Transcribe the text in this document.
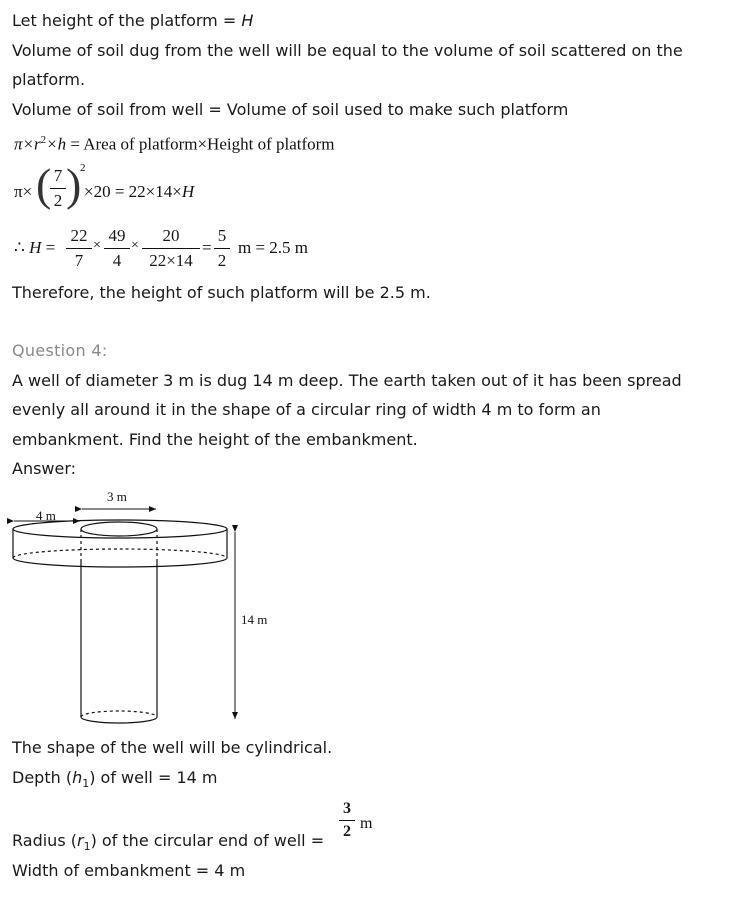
Let height of the platform = H
Volume of soil dug from the well will be equal to the volume of soil scattered on the
platform.
Volume of soil from well = Volume of soil used to make such platform
$\pi\times r^2\times h$ = Area of platform×Height of platform
π× ( 7
2 )
2
×20 = 22×14×H
∴ H =
22
7
×
49
4
×
20
22×14
=
5
2
m = 2.5 m
Therefore, the height of such platform will be 2.5 m.
Question 4:
A well of diameter 3 m is dug 14 m deep. The earth taken out of it has been spread
evenly all around it in the shape of a circular ring of width 4 m to form an
embankment. Find the height of the embankment.
Answer:
3 m
4 m
14 m
The shape of the well will be cylindrical.
Depth $(h_1)$ of well = 14 m
Radius $(r_1)$ of the circular end of well =
3
2 m
Width of embankment = 4 m
